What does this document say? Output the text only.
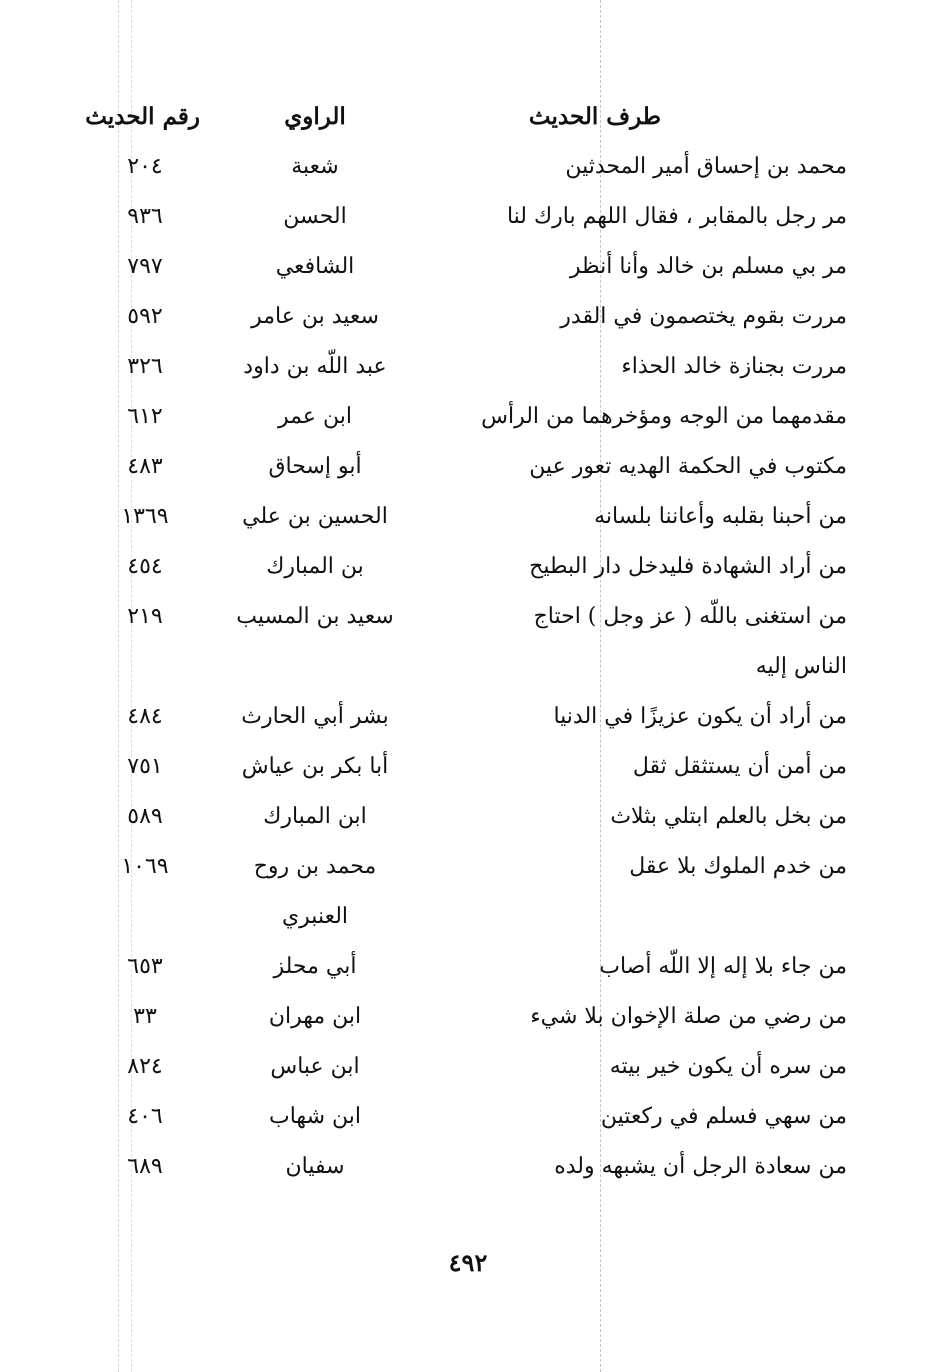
طرف الحديث
الراوي
رقم الحديث
محمد بن إحساق أمير المحدثين
شعبة
٢٠٤
مر رجل بالمقابر ، فقال اللهم بارك لنا
الحسن
٩٣٦
مر بي مسلم بن خالد وأنا أنظر
الشافعي
٧٩٧
مررت بقوم يختصمون في القدر
سعيد بن عامر
٥٩٢
مررت بجنازة خالد الحذاء
عبد اللّه بن داود
٣٢٦
مقدمهما من الوجه ومؤخرهما من الرأس
ابن عمر
٦١٢
مكتوب في الحكمة الهديه تعور عين
أبو إسحاق
٤٨٣
من أحبنا بقلبه وأعاننا بلسانه
الحسين بن علي
١٣٦٩
من أراد الشهادة فليدخل دار البطيح
بن المبارك
٤٥٤
من استغنى باللّه ( عز وجل ) احتاج
سعيد بن المسيب
٢١٩
الناس إليه
من أراد أن يكون عزيزًا في الدنيا
بشر أبي الحارث
٤٨٤
من أمن أن يستثقل ثقل
أبا بكر بن عياش
٧٥١
من بخل بالعلم ابتلي بثلاث
ابن المبارك
٥٨٩
من خدم الملوك بلا عقل
محمد بن روح
١٠٦٩
العنبري
من جاء بلا إله إلا اللّه أصاب
أبي محلز
٦٥٣
من رضي من صلة الإخوان بلا شيء
ابن مهران
٣٣
من سره أن يكون خير بيته
ابن عباس
٨٢٤
من سهي فسلم في ركعتين
ابن شهاب
٤٠٦
من سعادة الرجل أن يشبهه ولده
سفيان
٦٨٩
٤٩٢
